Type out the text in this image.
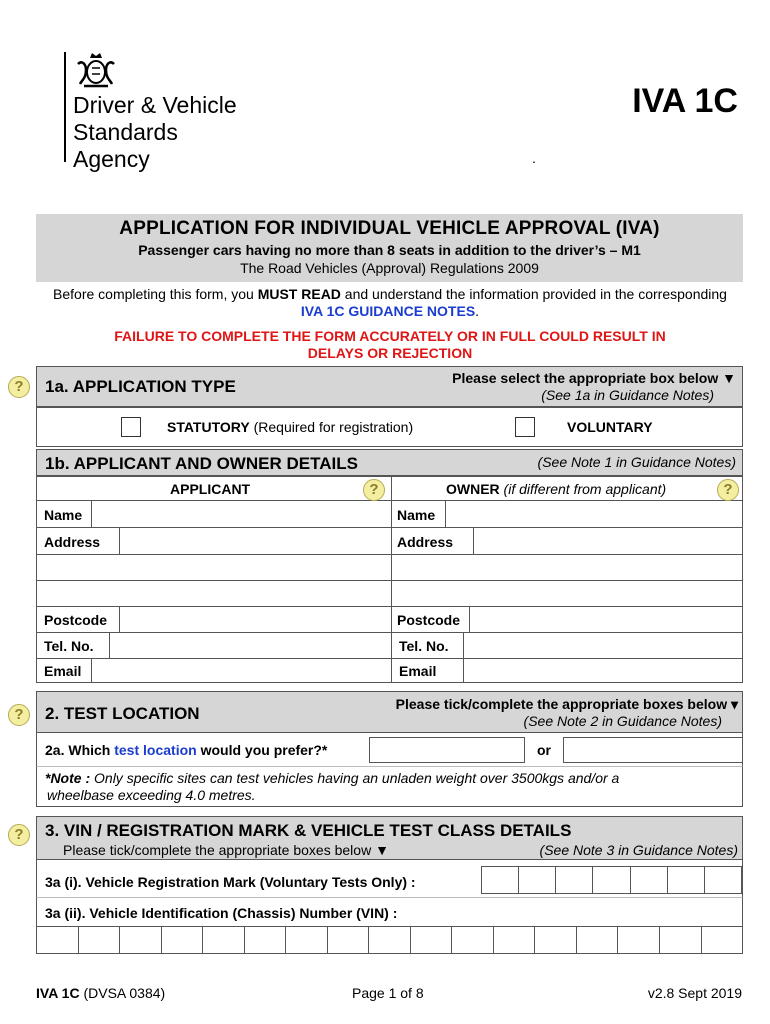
Driver & Vehicle
Standards
Agency
IVA 1C
.
APPLICATION FOR INDIVIDUAL VEHICLE APPROVAL (IVA)
Passenger cars having no more than 8 seats in addition to the driver’s – M1
The Road Vehicles (Approval) Regulations 2009
Before completing this form, you MUST READ and understand the information provided in the corresponding IVA 1C GUIDANCE NOTES.
FAILURE TO COMPLETE THE FORM ACCURATELY OR IN FULL COULD RESULT IN
DELAYS OR REJECTION
?	1a. APPLICATION TYPE	Please select the appropriate box below ▼
(See 1a in Guidance Notes)
STATUTORY (Required for registration)	VOLUNTARY
1b. APPLICANT AND OWNER DETAILS	(See Note 1 in Guidance Notes)
APPLICANT	?	OWNER (if different from applicant)	?
Name	Name
Address	Address
Postcode	Postcode
Tel. No.	Tel. No.
Email	Email
?	2. TEST LOCATION	Please tick/complete the appropriate boxes below ▾
(See Note 2 in Guidance Notes)
2a. Which test location would you prefer?*	or
*Note : Only specific sites can test vehicles having an unladen weight over 3500kgs and/or a
wheelbase exceeding 4.0 metres.
?	3. VIN / REGISTRATION MARK & VEHICLE TEST CLASS DETAILS
Please tick/complete the appropriate boxes below ▼	(See Note 3 in Guidance Notes)
3a (i). Vehicle Registration Mark (Voluntary Tests Only) :
3a (ii). Vehicle Identification (Chassis) Number (VIN) :
IVA 1C (DVSA 0384)	Page 1 of 8	v2.8 Sept 2019
